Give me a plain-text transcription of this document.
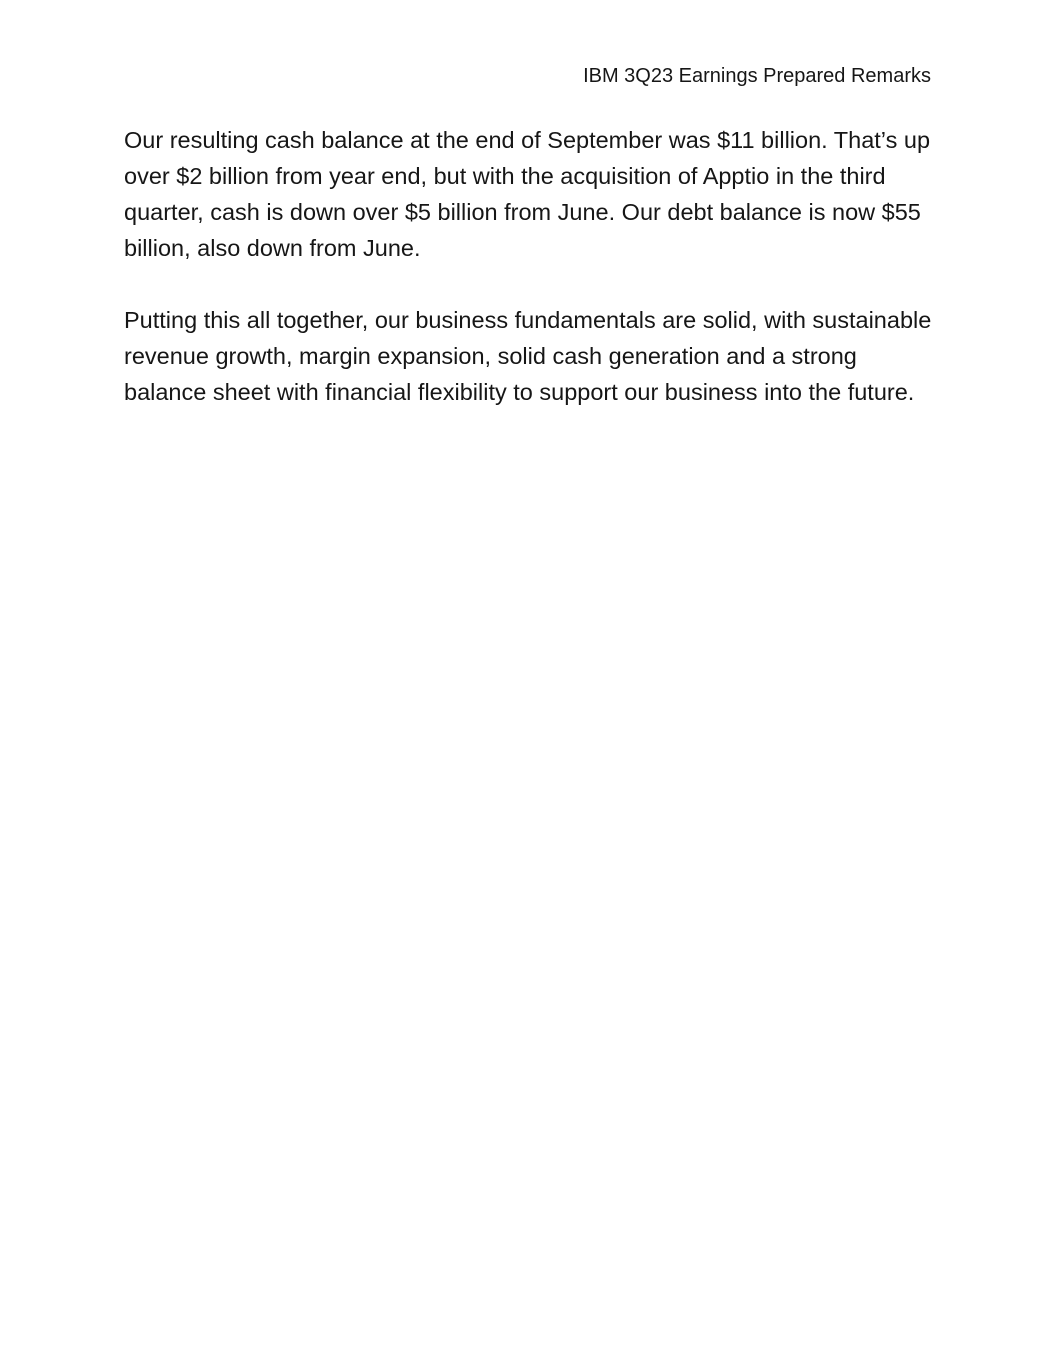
IBM 3Q23 Earnings Prepared Remarks

Our resulting cash balance at the end of September was $11 billion. That’s up over $2 billion from year end, but with the acquisition of Apptio in the third quarter, cash is down over $5 billion from June. Our debt balance is now $55 billion, also down from June.

Putting this all together, our business fundamentals are solid, with sustainable revenue growth, margin expansion, solid cash generation and a strong balance sheet with financial flexibility to support our business into the future.
